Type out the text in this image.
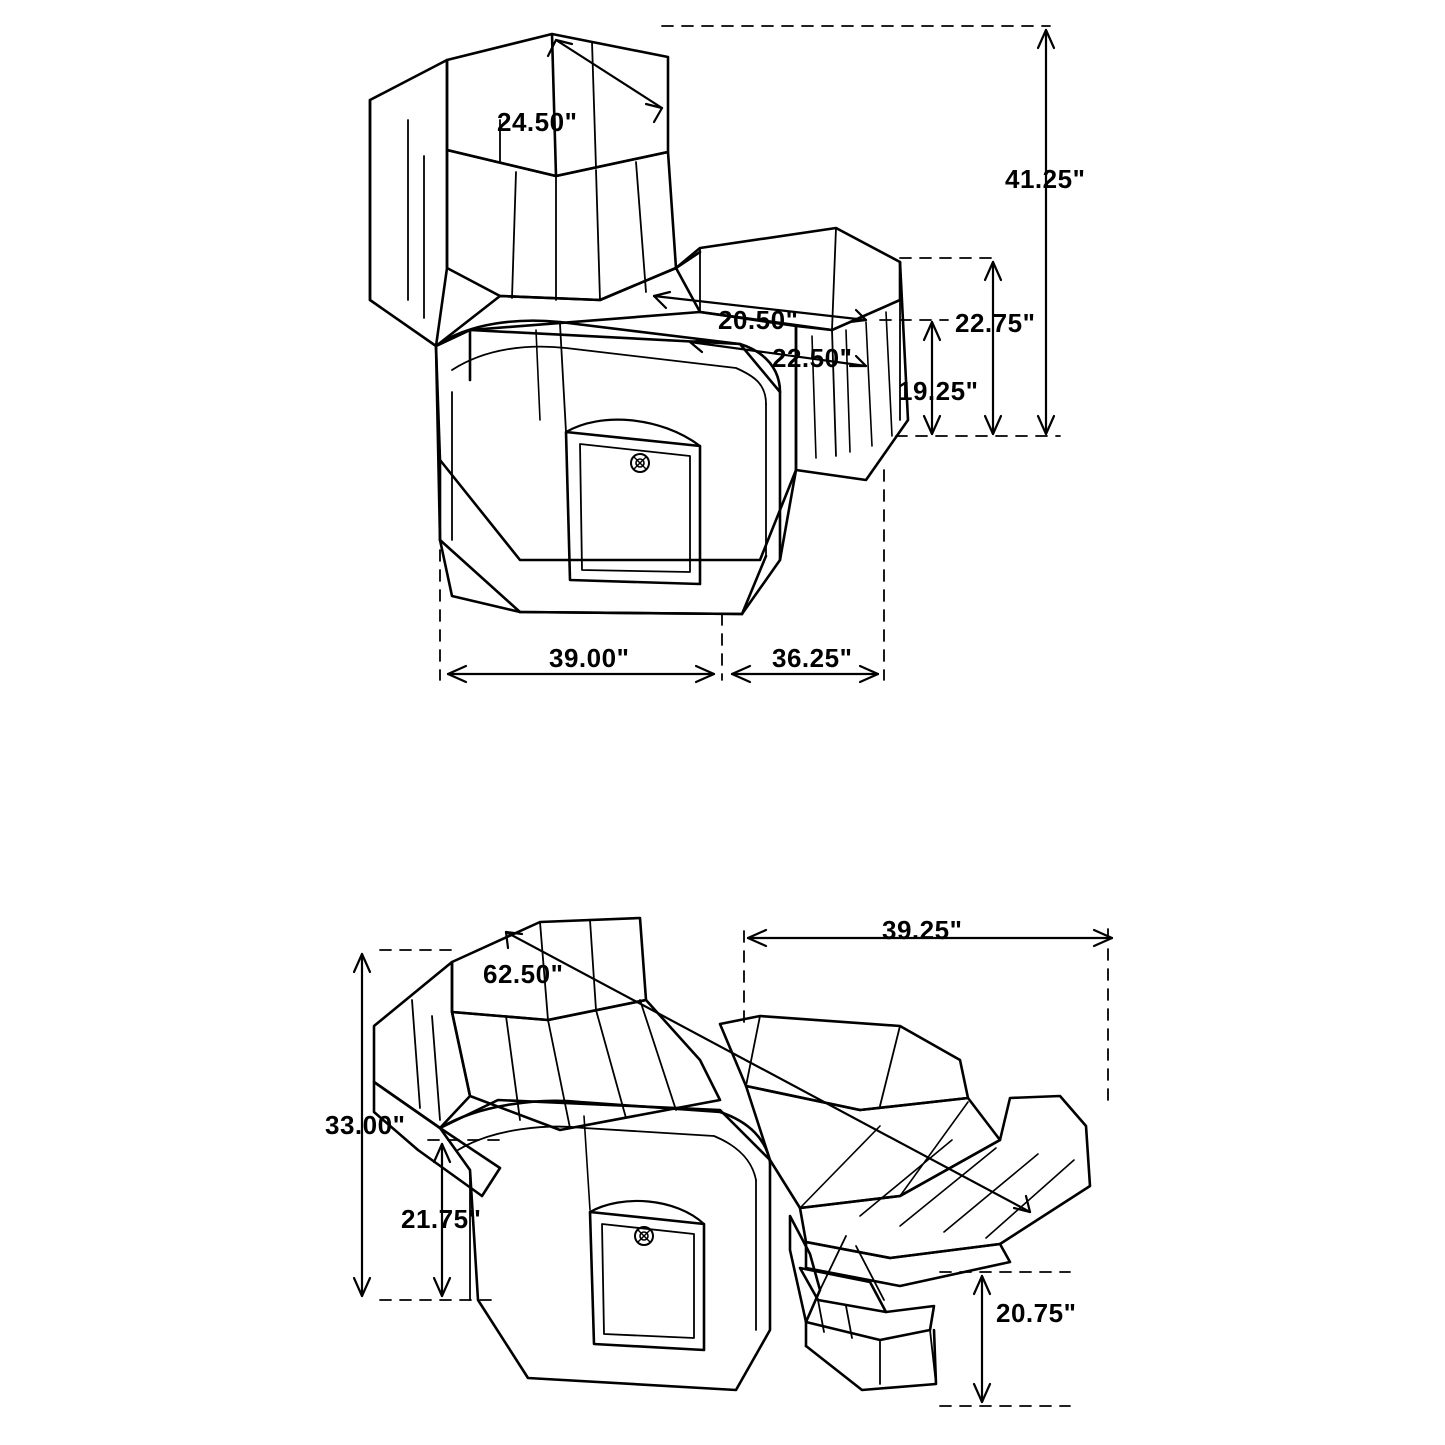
24.50"
41.25"
20.50"	22.75"
22.50"
19.25"
39.00"	36.25"
62.50"
39.25"
33.00"
21.75"
20.75"
